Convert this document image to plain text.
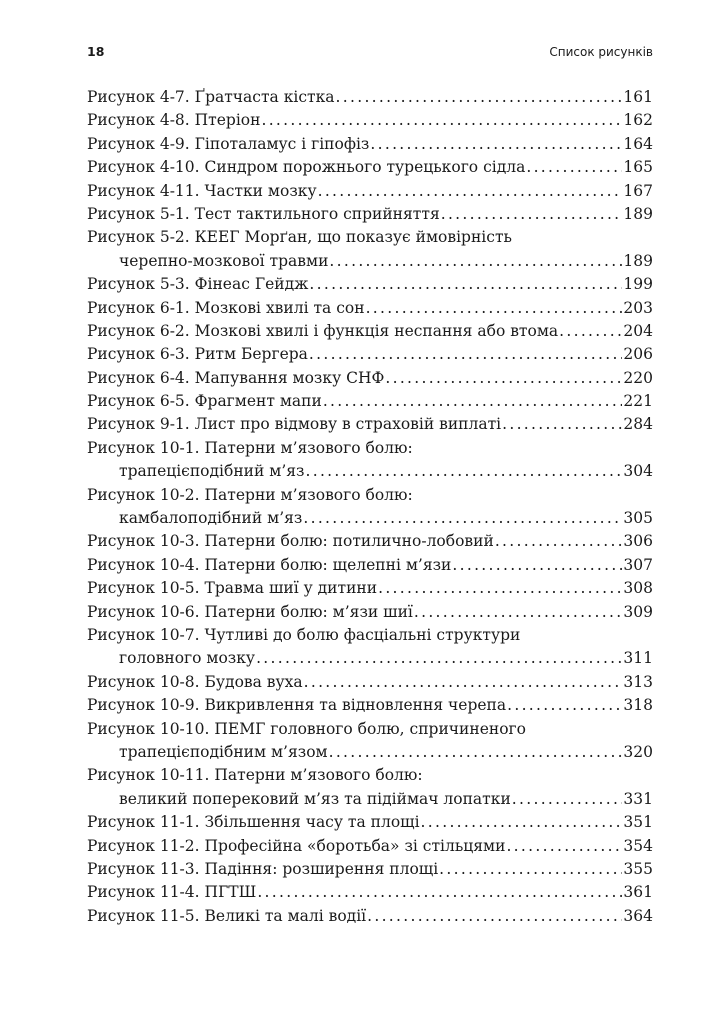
18	Список рисунків
Рисунок 4-7. Ґратчаста кістка .....	161
Рисунок 4-8. Птеріон .....	162
Рисунок 4-9. Гіпоталамус і гіпофіз .....	164
Рисунок 4-10. Синдром порожнього турецького сідла .....	165
Рисунок 4-11. Частки мозку .....	167
Рисунок 5-1. Тест тактильного сприйняття .....	189
Рисунок 5-2. КЕЕГ Морґан, що показує ймовірність
черепно-мозкової травми .....	189
Рисунок 5-3. Фінеас Гейдж .....	199
Рисунок 6-1. Мозкові хвилі та сон .....	203
Рисунок 6-2. Мозкові хвилі і функція неспання або втома .....	204
Рисунок 6-3. Ритм Бергера .....	206
Рисунок 6-4. Мапування мозку СНФ .....	220
Рисунок 6-5. Фрагмент мапи .....	221
Рисунок 9-1. Лист про відмову в страховій виплаті .....	284
Рисунок 10-1. Патерни м’язового болю:
трапецієподібний м’яз .....	304
Рисунок 10-2. Патерни м’язового болю:
камбалоподібний м’яз .....	305
Рисунок 10-3. Патерни болю: потилично-лобовий .....	306
Рисунок 10-4. Патерни болю: щелепні м’язи .....	307
Рисунок 10-5. Травма шиї у дитини .....	308
Рисунок 10-6. Патерни болю: м’язи шиї .....	309
Рисунок 10-7. Чутливі до болю фасціальні структури
головного мозку .....	311
Рисунок 10-8. Будова вуха .....	313
Рисунок 10-9. Викривлення та відновлення черепа .....	318
Рисунок 10-10. ПЕМГ головного болю, спричиненого
трапецієподібним м’язом .....	320
Рисунок 10-11. Патерни м’язового болю:
великий поперековий м’яз та підіймач лопатки .....	331
Рисунок 11-1. Збільшення часу та площі .....	351
Рисунок 11-2. Професійна «боротьба» зі стільцями .....	354
Рисунок 11-3. Падіння: розширення площі .....	355
Рисунок 11-4. ПГТШ .....	361
Рисунок 11-5. Великі та малі водії .....	364
